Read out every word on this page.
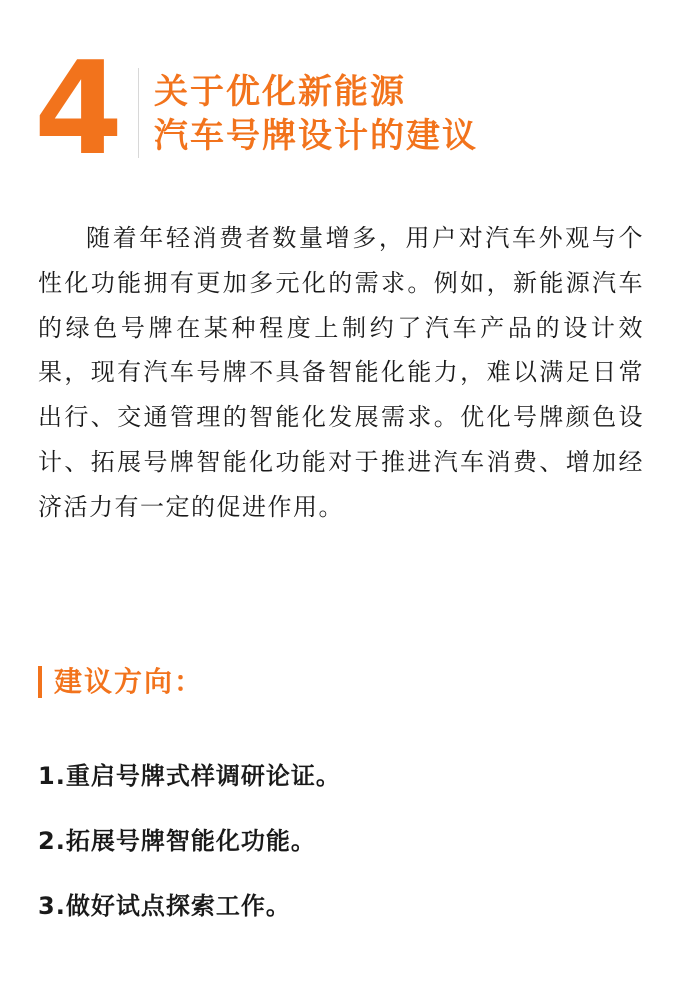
4 关于优化新能源
汽车号牌设计的建议

随着年轻消费者数量增多，用户对汽车外观与个性化功能拥有更加多元化的需求。例如，新能源汽车的绿色号牌在某种程度上制约了汽车产品的设计效果，现有汽车号牌不具备智能化能力，难以满足日常出行、交通管理的智能化发展需求。优化号牌颜色设计、拓展号牌智能化功能对于推进汽车消费、增加经济活力有一定的促进作用。

建议方向：
1.重启号牌式样调研论证。
2.拓展号牌智能化功能。
3.做好试点探索工作。
